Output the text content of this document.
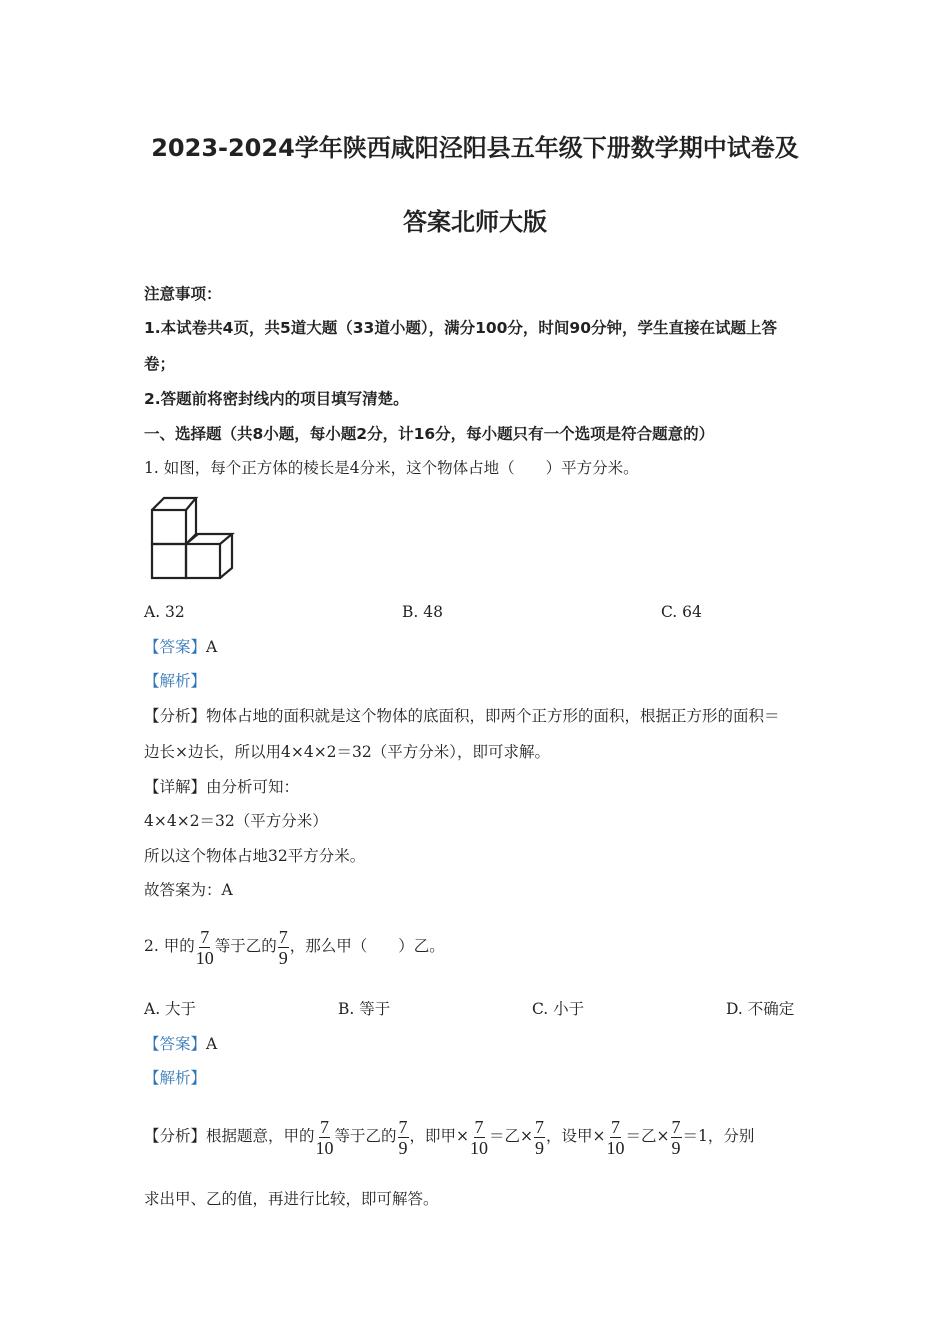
2023-2024学年陕西咸阳泾阳县五年级下册数学期中试卷及
答案北师大版
注意事项：
1.本试卷共4页，共5道大题（33道小题），满分100分，时间90分钟，学生直接在试题上答
卷；
2.答题前将密封线内的项目填写清楚。
一、选择题（共8小题，每小题2分，计16分，每小题只有一个选项是符合题意的）
1. 如图，每个正方体的棱长是4分米，这个物体占地（　　）平方分米。
A. 32	B. 48	C. 64
【答案】A
【解析】
【分析】物体占地的面积就是这个物体的底面积，即两个正方形的面积，根据正方形的面积＝
边长×边长，所以用4×4×2＝32（平方分米），即可求解。
【详解】由分析可知：
4×4×2＝32（平方分米）
所以这个物体占地32平方分米。
故答案为：A
2. 甲的 $\frac{7}{10}$ 等于乙的 $\frac{7}{9}$ ，那么甲（　　）乙。
A. 大于	B. 等于	C. 小于	D. 不确定
【答案】A
【解析】
【分析】根据题意，甲的 $\frac{7}{10}$ 等于乙的 $\frac{7}{9}$ ，即甲× $\frac{7}{10}$ ＝乙× $\frac{7}{9}$ ，设甲× $\frac{7}{10}$ ＝乙× $\frac{7}{9} =1$，分别
求出甲、乙的值，再进行比较，即可解答。
